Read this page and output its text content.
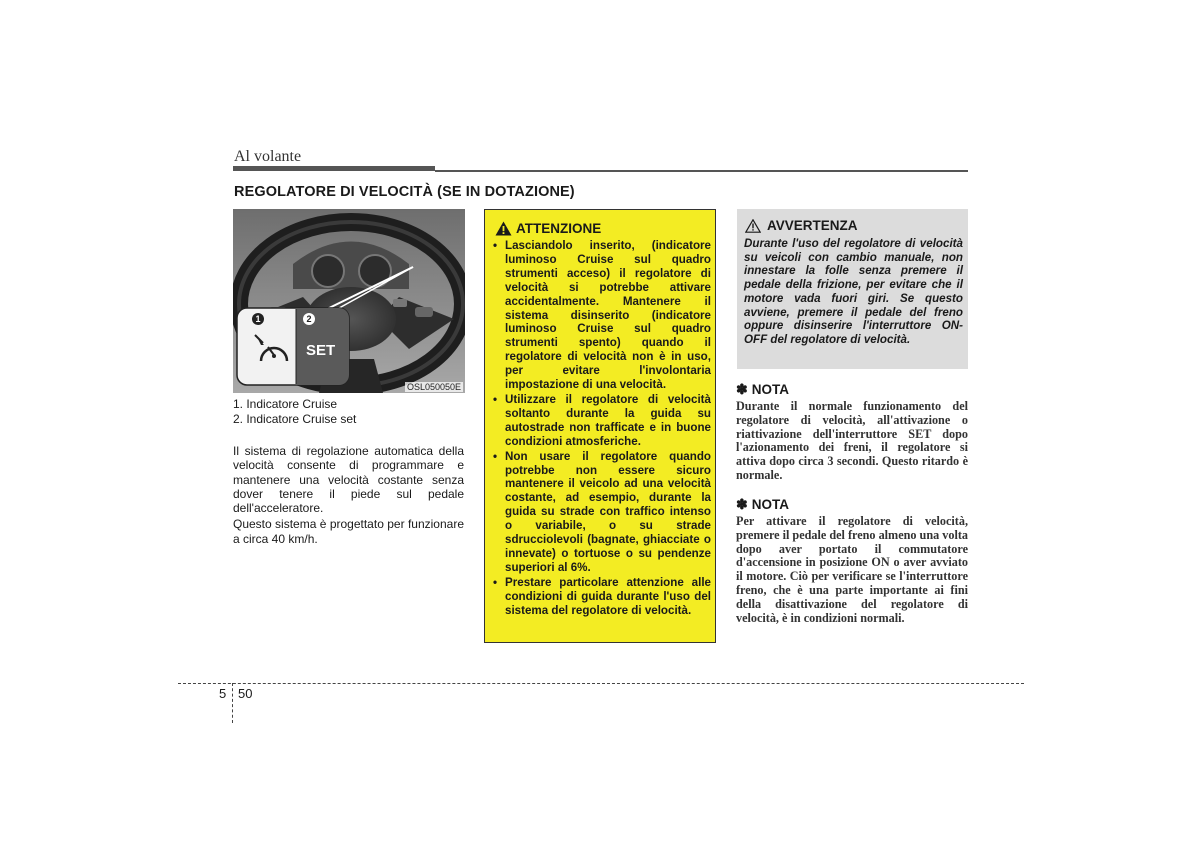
Al volante
REGOLATORE DI VELOCITÀ (SE IN DOTAZIONE)
1	2
SET
OSL050050E
1. Indicatore Cruise
2. Indicatore Cruise set

Il sistema di regolazione automatica della velocità consente di programmare e mantenere una velocità costante senza dover tenere il piede sul pedale dell'acceleratore.

Questo sistema è progettato per funzionare a circa 40 km/h.

ATTENZIONE
• Lasciandolo inserito, (indicatore luminoso Cruise sul quadro strumenti acceso) il regolatore di velocità si potrebbe attivare accidentalmente. Mantenere il sistema disinserito (indicatore luminoso Cruise sul quadro strumenti spento) quando il regolatore di velocità non è in uso, per evitare l'involontaria impostazione di una velocità.
• Utilizzare il regolatore di velocità soltanto durante la guida su autostrade non trafficate e in buone condizioni atmosferiche.
• Non usare il regolatore quando potrebbe non essere sicuro mantenere il veicolo ad una velocità costante, ad esempio, durante la guida su strade con traffico intenso o variabile, o su strade sdrucciolevoli (bagnate, ghiacciate o innevate) o tortuose o su pendenze superiori al 6%.
• Prestare particolare attenzione alle condizioni di guida durante l'uso del sistema del regolatore di velocità.
AVVERTENZA
Durante l'uso del regolatore di velocità su veicoli con cambio manuale, non innestare la folle senza premere il pedale della frizione, per evitare che il motore vada fuori giri. Se questo avviene, premere il pedale del freno oppure disinserire l'interruttore ON-OFF del regolatore di velocità.
✽ NOTA
Durante il normale funzionamento del regolatore di velocità, all'attivazione o riattivazione dell'interruttore SET dopo l'azionamento dei freni, il regolatore si attiva dopo circa 3 secondi. Questo ritardo è normale.
✽ NOTA
Per attivare il regolatore di velocità, premere il pedale del freno almeno una volta dopo aver portato il commutatore d'accensione in posizione ON o aver avviato il motore. Ciò per verificare se l'interruttore freno, che è una parte importante ai fini della disattivazione del regolatore di velocità, è in condizioni normali.
5 50
